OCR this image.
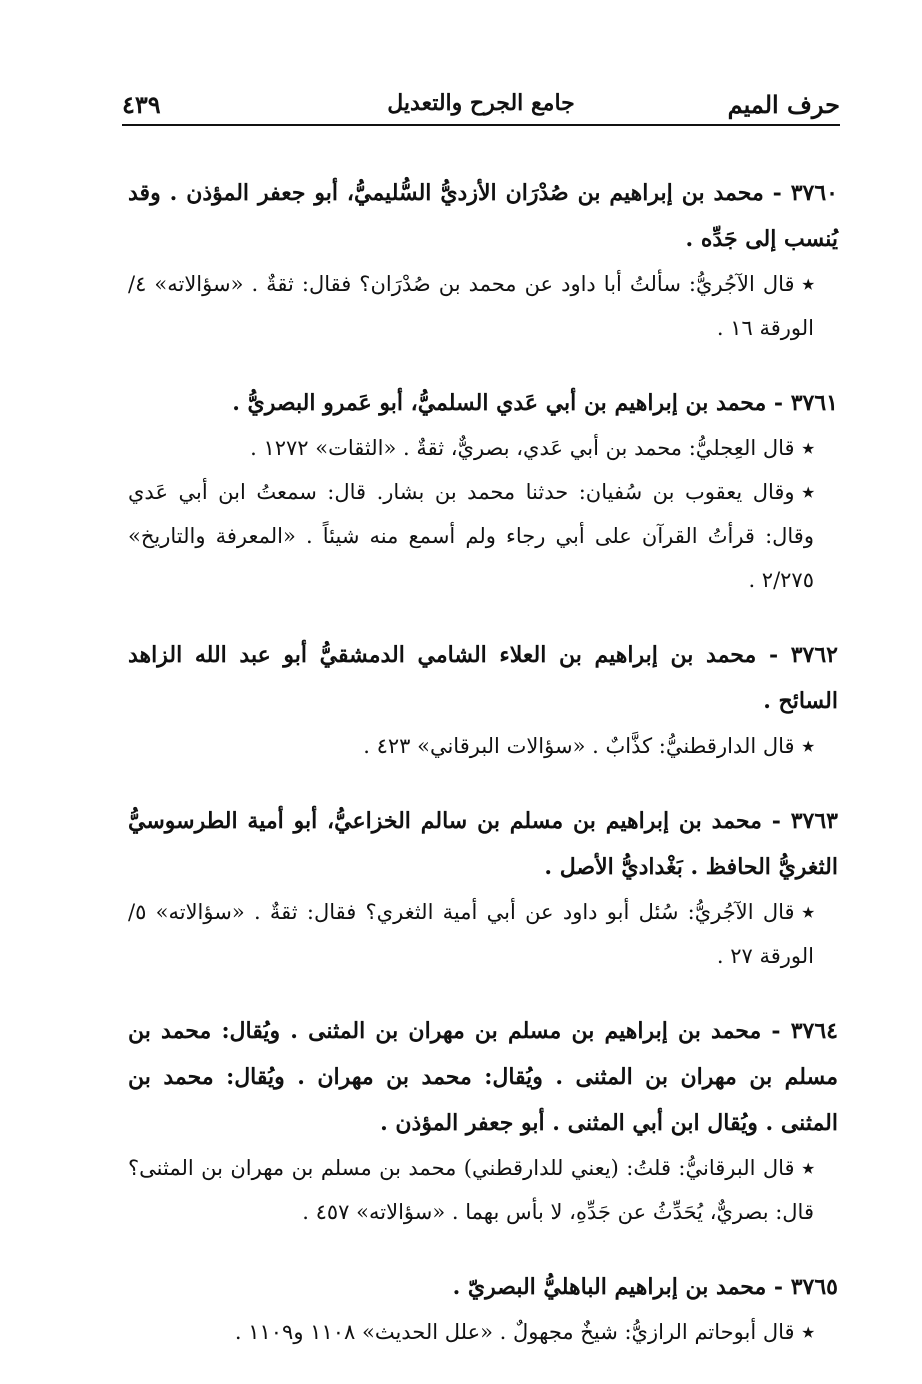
حرف الميم
جامع الجرح والتعديل
٤٣٩
٣٧٦٠ - محمد بن إبراهيم بن صُدْرَان الأزديُّ السُّليميُّ، أبو جعفر المؤذن . وقد يُنسب إلى جَدِّه .
٭قال الآجُريُّ: سألتُ أبا داود عن محمد بن صُدْرَان؟ فقال: ثقةٌ . «سؤالاته» ٤/الورقة ١٦ .
٣٧٦١ - محمد بن إبراهيم بن أبي عَدي السلميُّ، أبو عَمرو البصريُّ .
٭قال العِجليُّ: محمد بن أبي عَدي، بصريٌّ، ثقةٌ . «الثقات» ١٢٧٢ .
٭وقال يعقوب بن سُفيان: حدثنا محمد بن بشار. قال: سمعتُ ابن أبي عَدي وقال: قرأتُ القرآن على أبي رجاء ولم أسمع منه شيئاً . «المعرفة والتاريخ» ٢/٢٧٥ .
٣٧٦٢ - محمد بن إبراهيم بن العلاء الشامي الدمشقيُّ أبو عبد الله الزاهد السائح .
٭قال الدارقطنيُّ: كذَّابٌ . «سؤالات البرقاني» ٤٢٣ .
٣٧٦٣ - محمد بن إبراهيم بن مسلم بن سالم الخزاعيُّ، أبو أمية الطرسوسيُّ الثغريُّ الحافظ . بَغْداديُّ الأصل .
٭قال الآجُريُّ: سُئل أبو داود عن أبي أمية الثغري؟ فقال: ثقةٌ . «سؤالاته» ٥/الورقة ٢٧ .
٣٧٦٤ - محمد بن إبراهيم بن مسلم بن مهران بن المثنى . ويُقال: محمد بن مسلم بن مهران بن المثنى . ويُقال: محمد بن مهران . ويُقال: محمد بن المثنى . ويُقال ابن أبي المثنى . أبو جعفر المؤذن .
٭قال البرقانيُّ: قلتُ: (يعني للدارقطني) محمد بن مسلم بن مهران بن المثنى؟ قال: بصريٌّ، يُحَدِّثُ عن جَدِّهِ، لا بأس بهما . «سؤالاته» ٤٥٧ .
٣٧٦٥ - محمد بن إبراهيم الباهليُّ البصريّ .
٭قال أبوحاتم الرازيُّ: شيخٌ مجهولٌ . «علل الحديث» ١١٠٨ و١١٠٩ .
